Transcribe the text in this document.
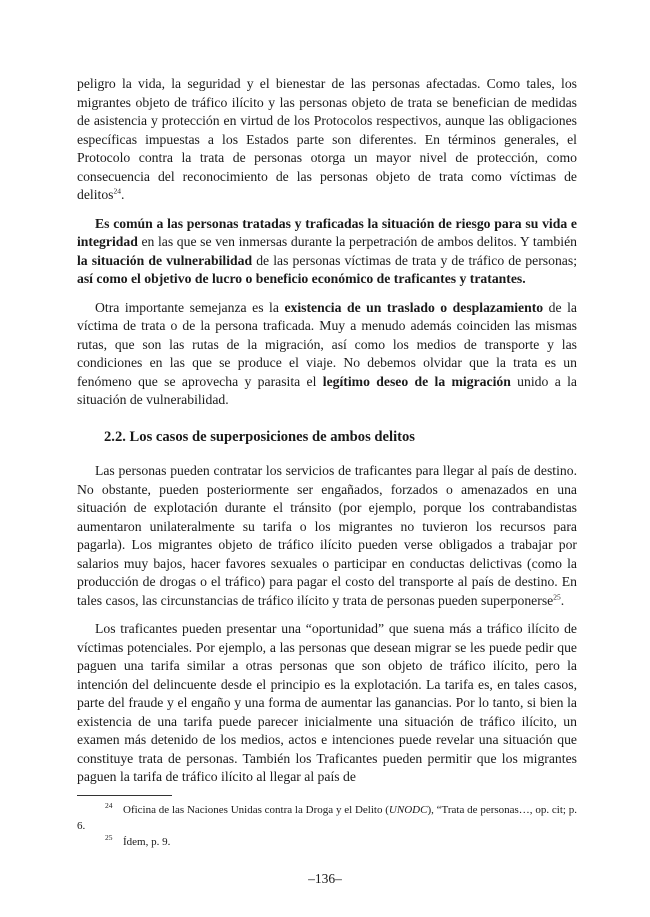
peligro la vida, la seguridad y el bienestar de las personas afectadas. Como tales, los migrantes objeto de tráfico ilícito y las personas objeto de trata se benefician de medidas de asistencia y protección en virtud de los Protocolos respectivos, aunque las obligaciones específicas impuestas a los Estados parte son diferentes. En términos generales, el Protocolo contra la trata de personas otorga un mayor nivel de protección, como consecuencia del reconocimiento de las personas objeto de trata como víctimas de delitos$^{24}$.

Es común a las personas tratadas y traficadas la situación de riesgo para su vida e integridad en las que se ven inmersas durante la perpetración de ambos delitos. Y también la situación de vulnerabilidad de las personas víctimas de trata y de tráfico de personas; así como el objetivo de lucro o beneficio económico de traficantes y tratantes.

Otra importante semejanza es la existencia de un traslado o desplazamiento de la víctima de trata o de la persona traficada. Muy a menudo además coinciden las mismas rutas, que son las rutas de la migración, así como los medios de transporte y las condiciones en las que se produce el viaje. No debemos olvidar que la trata es un fenómeno que se aprovecha y parasita el legítimo deseo de la migración unido a la situación de vulnerabilidad.

2.2. Los casos de superposiciones de ambos delitos

Las personas pueden contratar los servicios de traficantes para llegar al país de destino. No obstante, pueden posteriormente ser engañados, forzados o amenazados en una situación de explotación durante el tránsito (por ejemplo, porque los contrabandistas aumentaron unilateralmente su tarifa o los migrantes no tuvieron los recursos para pagarla). Los migrantes objeto de tráfico ilícito pueden verse obligados a trabajar por salarios muy bajos, hacer favores sexuales o participar en conductas delictivas (como la producción de drogas o el tráfico) para pagar el costo del transporte al país de destino. En tales casos, las circunstancias de tráfico ilícito y trata de personas pueden superponerse$^{25}$.

Los traficantes pueden presentar una “oportunidad” que suena más a tráfico ilícito de víctimas potenciales. Por ejemplo, a las personas que desean migrar se les puede pedir que paguen una tarifa similar a otras personas que son objeto de tráfico ilícito, pero la intención del delincuente desde el principio es la explotación. La tarifa es, en tales casos, parte del fraude y el engaño y una forma de aumentar las ganancias. Por lo tanto, si bien la existencia de una tarifa puede parecer inicialmente una situación de tráfico ilícito, un examen más detenido de los medios, actos e intenciones puede revelar una situación que constituye trata de personas. También los Traficantes pueden permitir que los migrantes paguen la tarifa de tráfico ilícito al llegar al país de

24 Oficina de las Naciones Unidas contra la Droga y el Delito (UNODC), “Trata de personas…, op. cit; p. 6.

25 Ídem, p. 9.

–136–
